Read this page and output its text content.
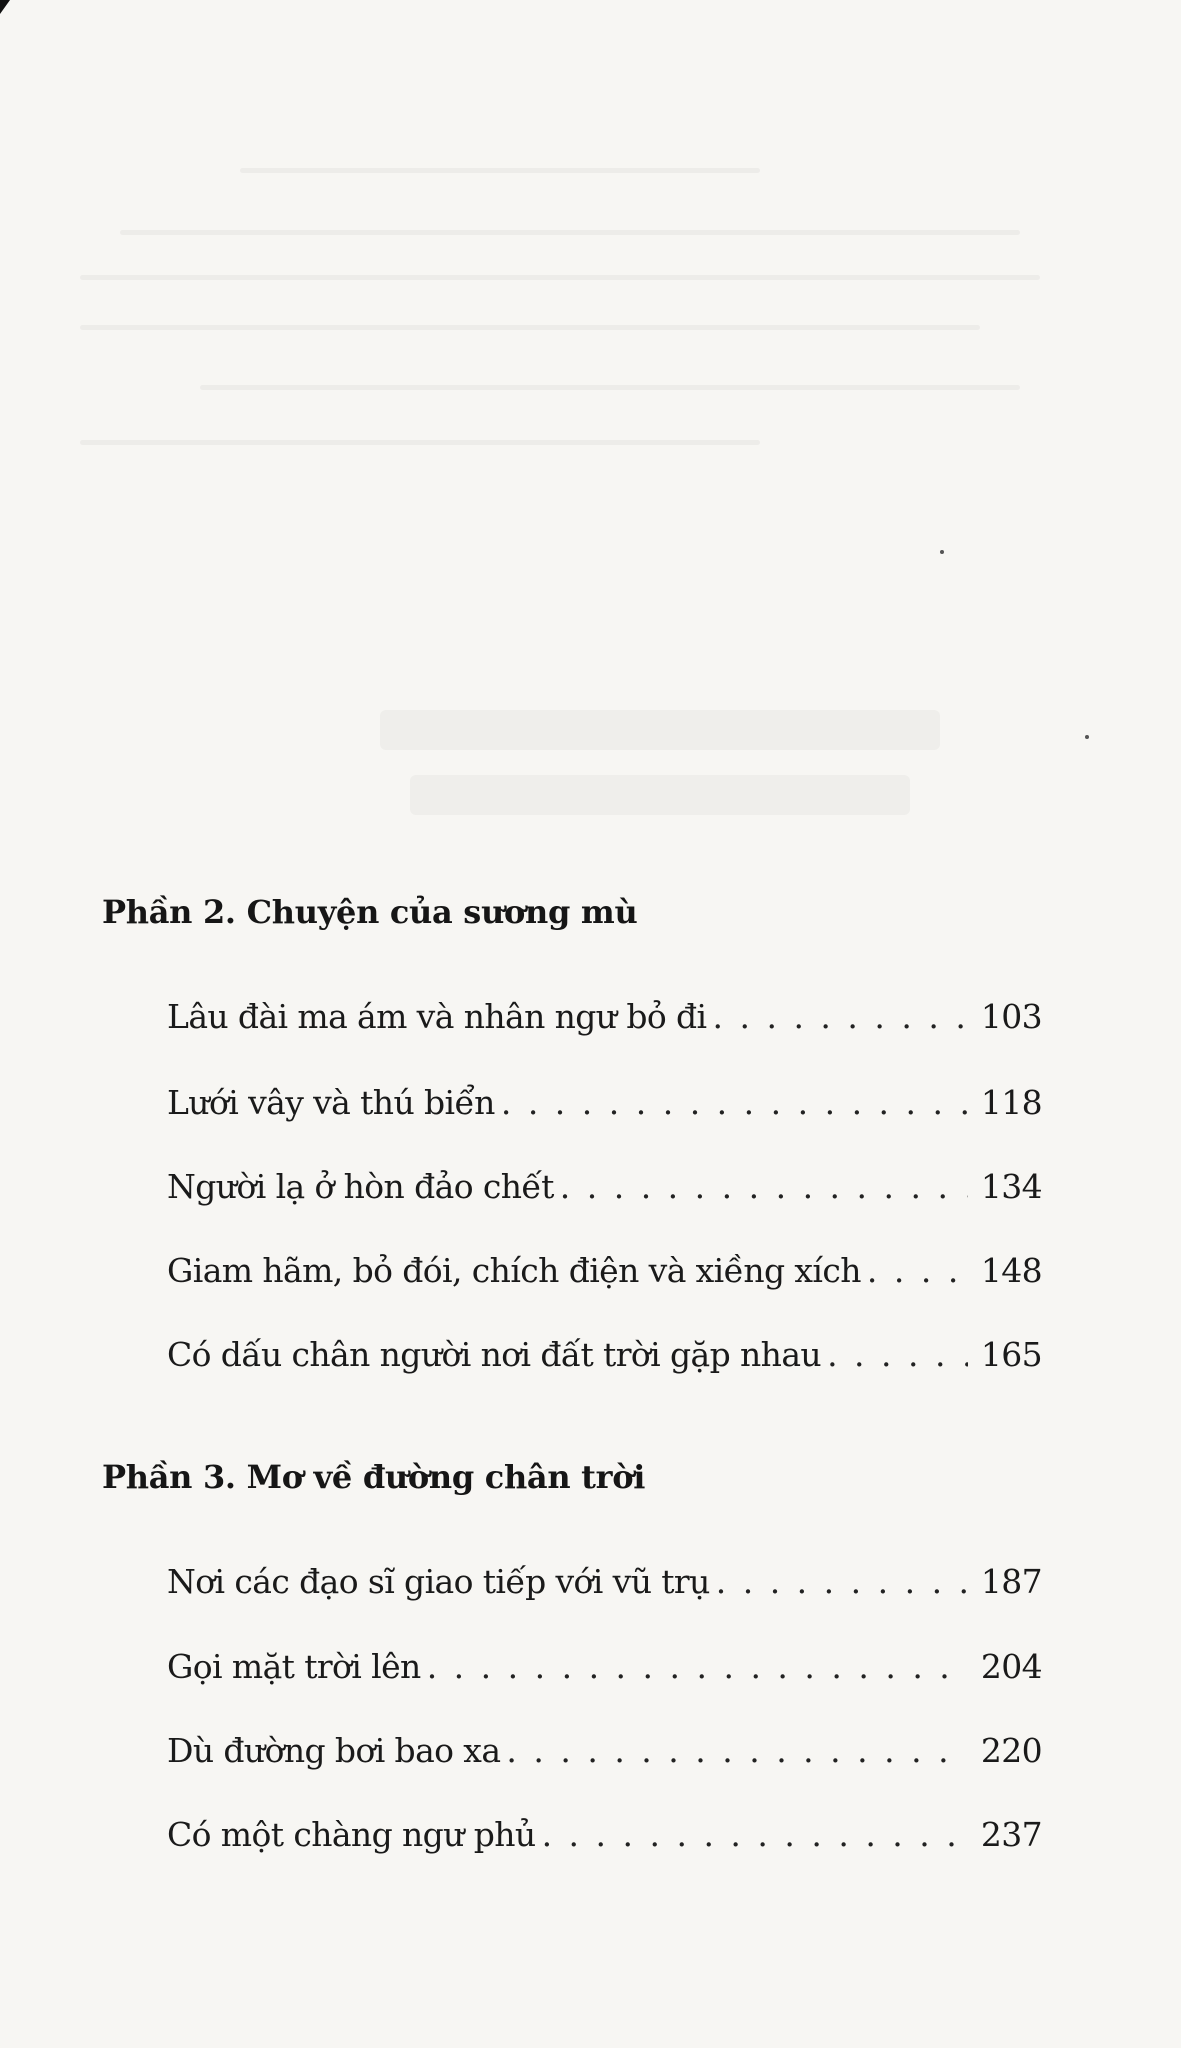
Phần 2. Chuyện của sương mù
Lâu đài ma ám và nhân ngư bỏ đi . . .	103
Lưới vây và thú biển . . .	118
Người lạ ở hòn đảo chết . . .	134
Giam hãm, bỏ đói, chích điện và xiềng xích . . .	148
Có dấu chân người nơi đất trời gặp nhau . . .	165
Phần 3. Mơ về đường chân trời
Nơi các đạo sĩ giao tiếp với vũ trụ . . .	187
Gọi mặt trời lên . . .	204
Dù đường bơi bao xa . . .	220
Có một chàng ngư phủ . . .	237
